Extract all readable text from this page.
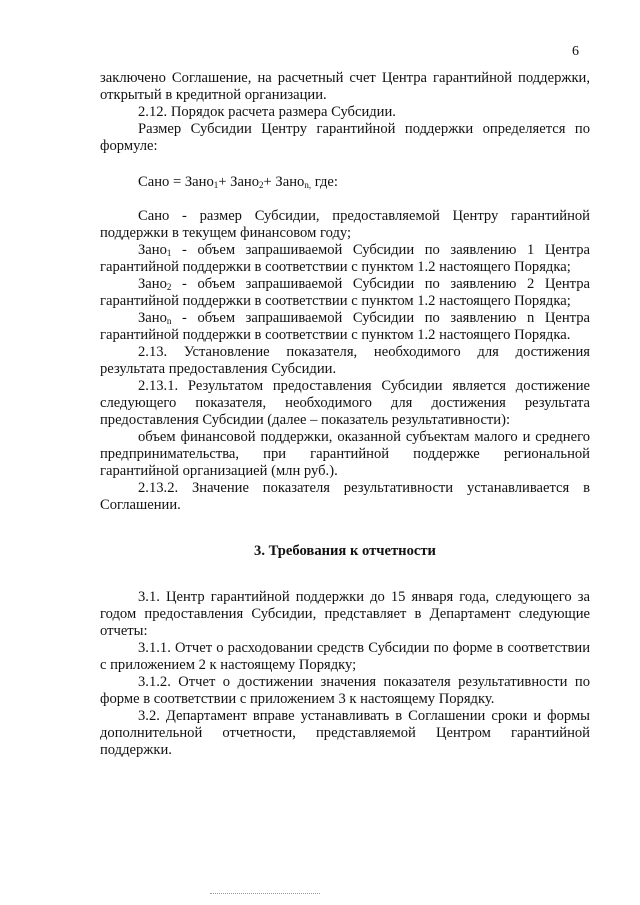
6

заключено Соглашение, на расчетный счет Центра гарантийной поддержки, открытый в кредитной организации.

2.12. Порядок расчета размера Субсидии.

Размер Субсидии Центру гарантийной поддержки определяется по формуле:

Сано = Зано$_1$+ Зано$_2$+ Зано$_{n,}$ где:

Сано - размер Субсидии, предоставляемой Центру гарантийной поддержки в текущем финансовом году;

Зано$_1$ - объем запрашиваемой Субсидии по заявлению 1 Центра гарантийной поддержки в соответствии с пунктом 1.2 настоящего Порядка;

Зано$_2$ - объем запрашиваемой Субсидии по заявлению 2 Центра гарантийной поддержки в соответствии с пунктом 1.2 настоящего Порядка;

Зано$_n$ - объем запрашиваемой Субсидии по заявлению n Центра гарантийной поддержки в соответствии с пунктом 1.2 настоящего Порядка.

2.13. Установление показателя, необходимого для достижения результата предоставления Субсидии.

2.13.1. Результатом предоставления Субсидии является достижение следующего показателя, необходимого для достижения результата предоставления Субсидии (далее – показатель результативности):

объем финансовой поддержки, оказанной субъектам малого и среднего предпринимательства, при гарантийной поддержке региональной гарантийной организацией (млн руб.).

2.13.2. Значение показателя результативности устанавливается в Соглашении.

3. Требования к отчетности

3.1. Центр гарантийной поддержки до 15 января года, следующего за годом предоставления Субсидии, представляет в Департамент следующие отчеты:

3.1.1. Отчет о расходовании средств Субсидии по форме в соответствии с приложением 2 к настоящему Порядку;

3.1.2. Отчет о достижении значения показателя результативности по форме в соответствии с приложением 3 к настоящему Порядку.

3.2. Департамент вправе устанавливать в Соглашении сроки и формы дополнительной отчетности, представляемой Центром гарантийной поддержки.
